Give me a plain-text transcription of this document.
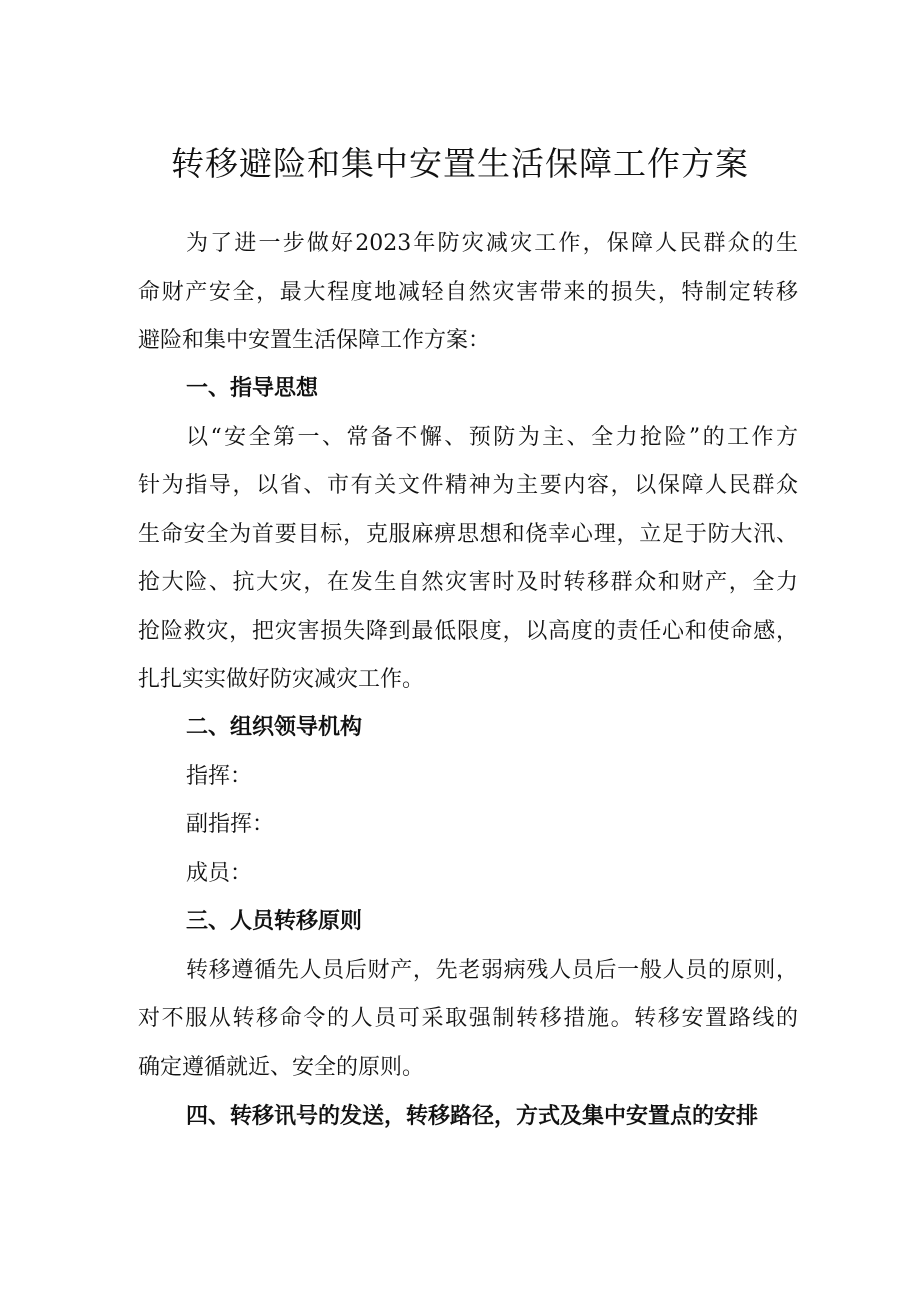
转移避险和集中安置生活保障工作方案

为了进一步做好2023年防灾减灾工作，保障人民群众的生

命财产安全，最大程度地减轻自然灾害带来的损失，特制定转移

避险和集中安置生活保障工作方案：

一、指导思想

以“安全第一、常备不懈、预防为主、全力抢险”的工作方

针为指导，以省、市有关文件精神为主要内容，以保障人民群众

生命安全为首要目标，克服麻痹思想和侥幸心理，立足于防大汛、

抢大险、抗大灾，在发生自然灾害时及时转移群众和财产，全力

抢险救灾，把灾害损失降到最低限度，以高度的责任心和使命感，

扎扎实实做好防灾减灾工作。

二、组织领导机构

指挥：

副指挥：

成员：

三、人员转移原则

转移遵循先人员后财产，先老弱病残人员后一般人员的原则，

对不服从转移命令的人员可采取强制转移措施。转移安置路线的

确定遵循就近、安全的原则。

四、转移讯号的发送，转移路径，方式及集中安置点的安排
